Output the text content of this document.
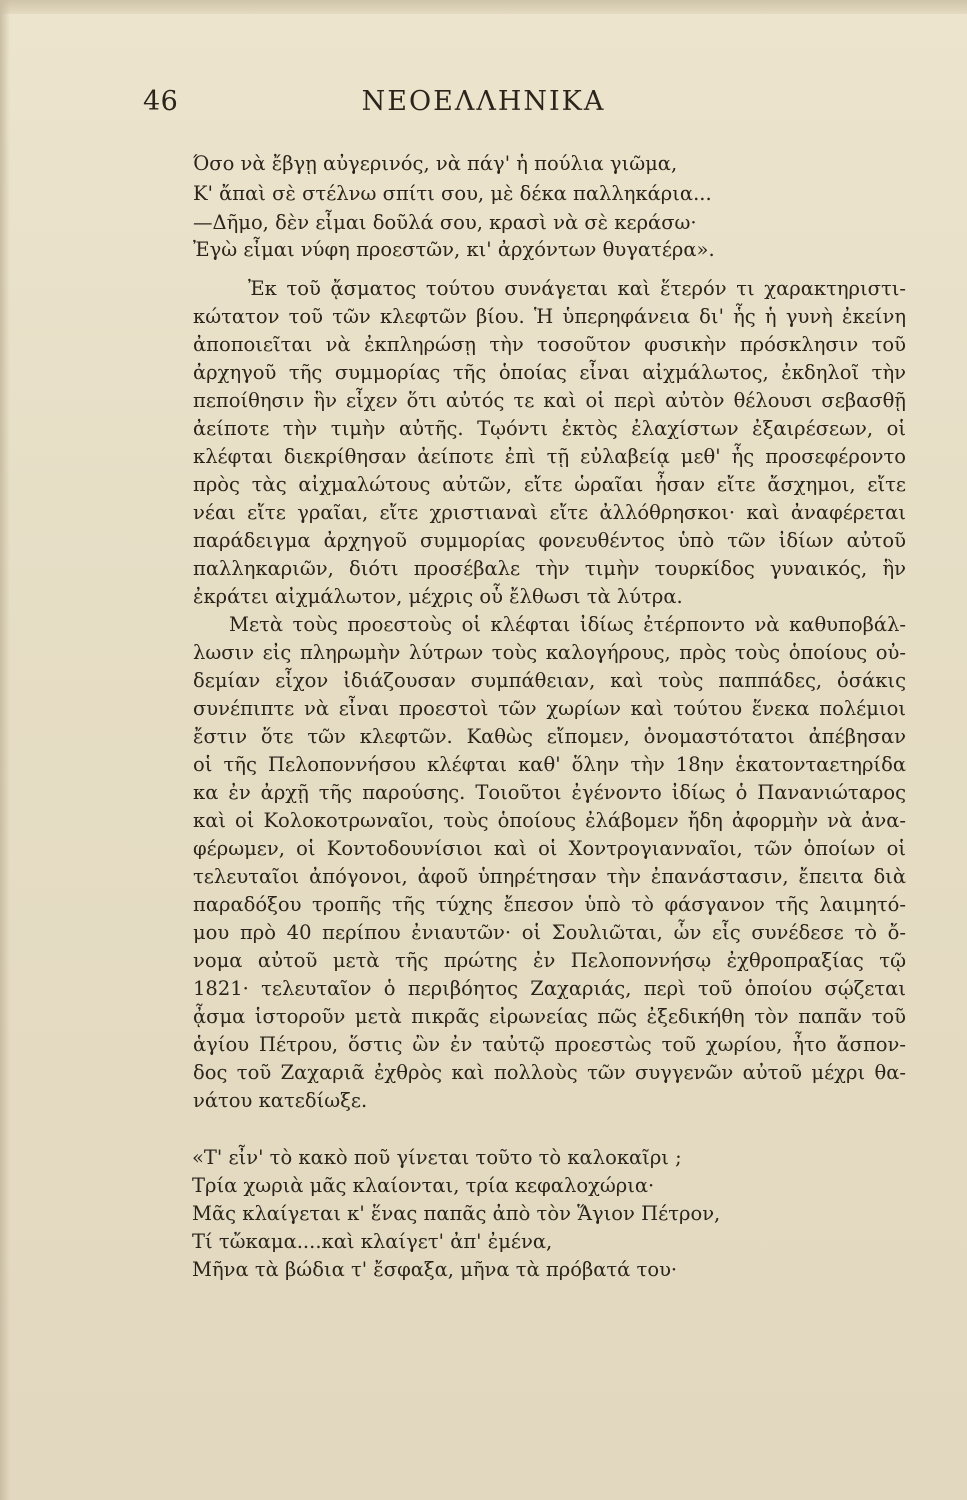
ΝΕΟΕΛΛΗΝΙΚΑ
46
Όσο νὰ ἔβγῃ αὐγερινός, νὰ πάγ' ἡ πούλια γιῶμα,
Κ' ἄπαὶ σὲ στέλνω σπίτι σου, μὲ δέκα παλληκάρια...
—Δῆμο, δὲν εἶμαι δοῦλά σου, κρασὶ νὰ σὲ κεράσω·
Ἐγὼ εἶμαι νύφη προεστῶν, κι' ἀρχόντων θυγατέρα».
Ἐκ τοῦ ᾄσματος τούτου συνάγεται καὶ ἕτερόν τι χαρακτηριστι-
κώτατον τοῦ τῶν κλεφτῶν βίου. Ἡ ὑπερηφάνεια δι' ἧς ἡ γυνὴ ἐκείνη
ἀποποιεῖται νὰ ἐκπληρώσῃ τὴν τοσοῦτον φυσικὴν πρόσκλησιν τοῦ
ἀρχηγοῦ τῆς συμμορίας τῆς ὁποίας εἶναι αἰχμάλωτος, ἐκδηλοῖ τὴν
πεποίθησιν ἣν εἶχεν ὅτι αὐτός τε καὶ οἱ περὶ αὐτὸν θέλουσι σεβασθῇ
ἀείποτε τὴν τιμὴν αὐτῆς. Τῳόντι ἐκτὸς ἐλαχίστων ἐξαιρέσεων, οἱ
κλέφται διεκρίθησαν ἀείποτε ἐπὶ τῇ εὐλαβείᾳ μεθ' ἧς προσεφέροντο
πρὸς τὰς αἰχμαλώτους αὐτῶν, εἴτε ὡραῖαι ἦσαν εἴτε ἄσχημοι, εἴτε
νέαι εἴτε γραῖαι, εἴτε χριστιαναὶ εἴτε ἀλλόθρησκοι· καὶ ἀναφέρεται
παράδειγμα ἀρχηγοῦ συμμορίας φονευθέντος ὑπὸ τῶν ἰδίων αὐτοῦ
παλληκαριῶν, διότι προσέβαλε τὴν τιμὴν τουρκίδος γυναικός, ἣν
ἐκράτει αἰχμάλωτον, μέχρις οὗ ἔλθωσι τὰ λύτρα.
Μετὰ τοὺς προεστοὺς οἱ κλέφται ἰδίως ἐτέρποντο νὰ καθυποβάλ-
λωσιν εἰς πληρωμὴν λύτρων τοὺς καλογήρους, πρὸς τοὺς ὁποίους οὐ-
δεμίαν εἶχον ἰδιάζουσαν συμπάθειαν, καὶ τοὺς παππάδες, ὁσάκις
συνέπιπτε νὰ εἶναι προεστοὶ τῶν χωρίων καὶ τούτου ἕνεκα πολέμιοι
ἔστιν ὅτε τῶν κλεφτῶν. Καθὼς εἴπομεν, ὀνομαστότατοι ἀπέβησαν
οἱ τῆς Πελοποννήσου κλέφται καθ' ὅλην τὴν 18ην ἑκατονταετηρίδα
κα ἐν ἀρχῇ τῆς παρούσης. Τοιοῦτοι ἐγένοντο ἰδίως ὁ Πανανιώταρος
καὶ οἱ Κολοκοτρωναῖοι, τοὺς ὁποίους ἐλάβομεν ἤδη ἀφορμὴν νὰ ἀνα-
φέρωμεν, οἱ Κοντοδουνίσιοι καὶ οἱ Χοντρογιανναῖοι, τῶν ὁποίων οἱ
τελευταῖοι ἀπόγονοι, ἀφοῦ ὑπηρέτησαν τὴν ἐπανάστασιν, ἔπειτα διὰ
παραδόξου τροπῆς τῆς τύχης ἔπεσον ὑπὸ τὸ φάσγανον τῆς λαιμητό-
μου πρὸ 40 περίπου ἐνιαυτῶν· οἱ Σουλιῶται, ὧν εἷς συνέδεσε τὸ ὄ-
νομα αὐτοῦ μετὰ τῆς πρώτης ἐν Πελοποννήσῳ ἐχθροπραξίας τῷ
1821· τελευταῖον ὁ περιβόητος Ζαχαριάς, περὶ τοῦ ὁποίου σῴζεται
ᾆσμα ἱστοροῦν μετὰ πικρᾶς εἰρωνείας πῶς ἐξεδικήθη τὸν παπᾶν τοῦ
ἁγίου Πέτρου, ὅστις ὢν ἐν ταὐτῷ προεστὼς τοῦ χωρίου, ἦτο ἄσπον-
δος τοῦ Ζαχαριᾶ ἐχθρὸς καὶ πολλοὺς τῶν συγγενῶν αὐτοῦ μέχρι θα-
νάτου κατεδίωξε.
«Τ' εἶν' τὸ κακὸ ποῦ γίνεται τοῦτο τὸ καλοκαῖρι ;
Τρία χωριὰ μᾶς κλαίονται, τρία κεφαλοχώρια·
Μᾶς κλαίγεται κ' ἕνας παπᾶς ἀπὸ τὸν Ἅγιον Πέτρον,
Τί τὤκαμα....καὶ κλαίγετ' ἀπ' ἐμένα,
Μῆνα τὰ βώδια τ' ἔσφαξα, μῆνα τὰ πρόβατά του·
